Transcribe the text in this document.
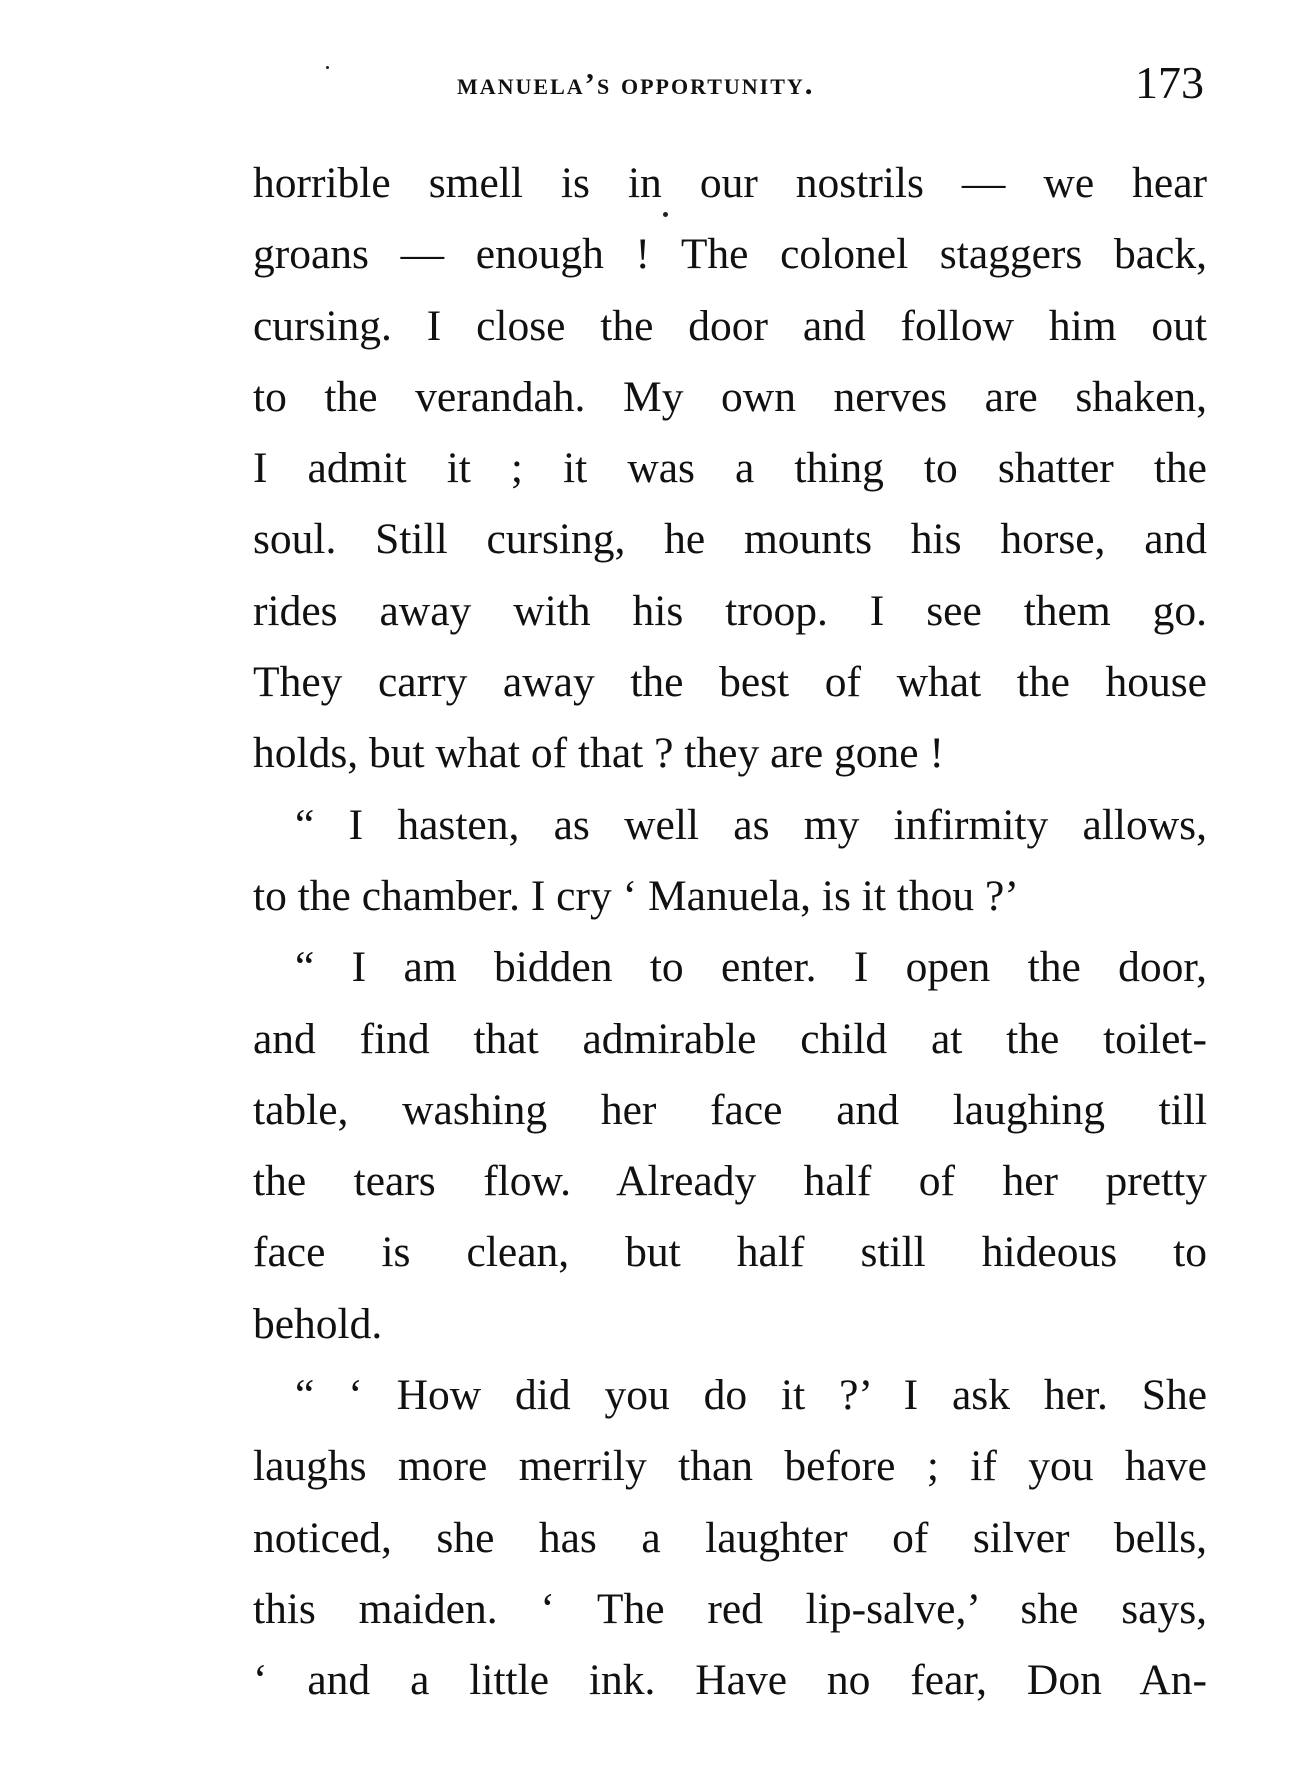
manuela’s opportunity.	173
horrible smell is in our nostrils — we hear
groans — enough ! The colonel staggers back,
cursing. I close the door and follow him out
to the verandah. My own nerves are shaken,
I admit it ; it was a thing to shatter the
soul. Still cursing, he mounts his horse, and
rides away with his troop. I see them go.
They carry away the best of what the house
holds, but what of that ? they are gone !
“ I hasten, as well as my infirmity allows,
to the chamber. I cry ‘ Manuela, is it thou ?’
“ I am bidden to enter. I open the door,
and find that admirable child at the toilet-
table, washing her face and laughing till
the tears flow. Already half of her pretty
face is clean, but half still hideous to
behold.
“ ‘ How did you do it ?’ I ask her. She
laughs more merrily than before ; if you have
noticed, she has a laughter of silver bells,
this maiden. ‘ The red lip-salve,’ she says,
‘ and a little ink. Have no fear, Don An-
